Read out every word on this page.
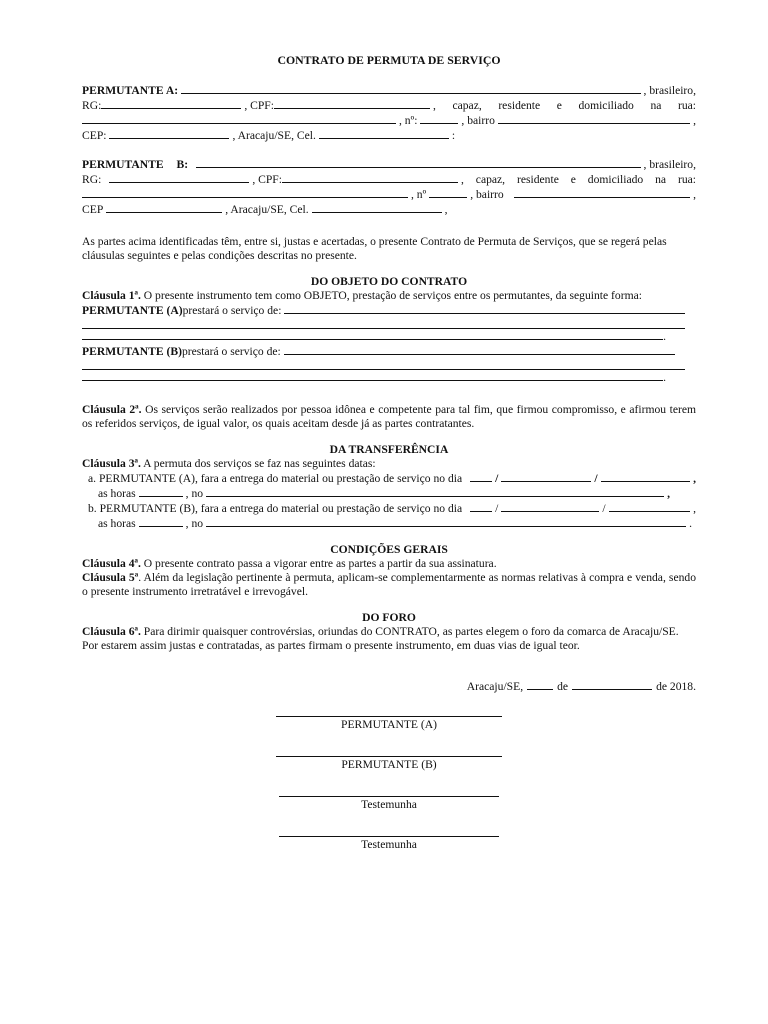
CONTRATO DE PERMUTA DE SERVIÇO
PERMUTANTE A:	, brasileiro,
RG:	, CPF:	, capaz, residente e domiciliado na rua:
, nº:	, bairro	,
CEP:	, Aracaju/SE, Cel.	:
PERMUTANTE B:	, brasileiro,
RG:	, CPF:	, capaz, residente e domiciliado na rua:
, nº	, bairro	,
CEP	, Aracaju/SE, Cel.	,
As partes acima identificadas têm, entre si, justas e acertadas, o presente Contrato de Permuta de Serviços, que se regerá pelas cláusulas seguintes e pelas condições descritas no presente.
DO OBJETO DO CONTRATO
Cláusula 1ª. O presente instrumento tem como OBJETO, prestação de serviços entre os permutantes, da seguinte forma:
PERMUTANTE (A) prestará o serviço de:
.
PERMUTANTE (B) prestará o serviço de:
.
Cláusula 2ª. Os serviços serão realizados por pessoa idônea e competente para tal fim, que firmou compromisso, e afirmou terem os referidos serviços, de igual valor, os quais aceitam desde já as partes contratantes.
DA TRANSFERÊNCIA
Cláusula 3ª. A permuta dos serviços se faz nas seguintes datas:
a. PERMUTANTE (A), fara a entrega do material ou prestação de serviço no dia	/	/	,
as horas	, no	,
b. PERMUTANTE (B), fara a entrega do material ou prestação de serviço no dia	/	/	,
as horas	, no	.
CONDIÇÕES GERAIS
Cláusula 4ª. O presente contrato passa a vigorar entre as partes a partir da sua assinatura.
Cláusula 5ª. Além da legislação pertinente à permuta, aplicam-se complementarmente as normas relativas à compra e venda, sendo o presente instrumento irretratável e irrevogável.
DO FORO
Cláusula 6ª. Para dirimir quaisquer controvérsias, oriundas do CONTRATO, as partes elegem o foro da comarca de Aracaju/SE.
Por estarem assim justas e contratadas, as partes firmam o presente instrumento, em duas vias de igual teor.
Aracaju/SE,	de	de 2018.
PERMUTANTE (A)
PERMUTANTE (B)
Testemunha
Testemunha
